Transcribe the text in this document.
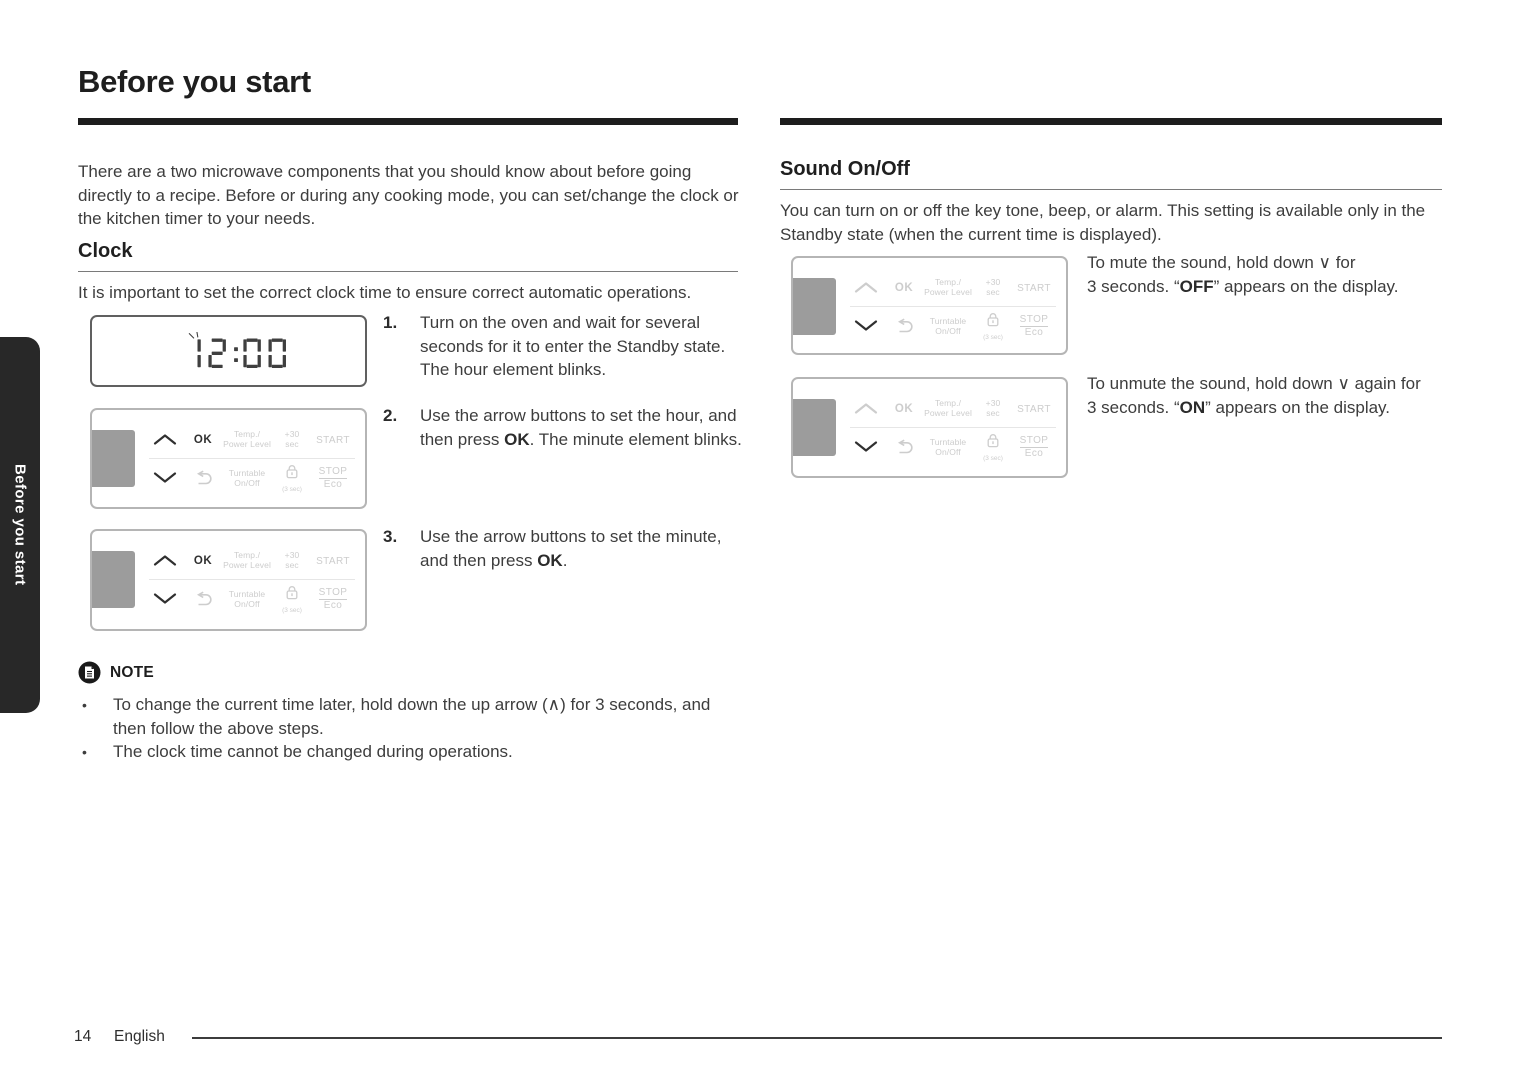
Before you start
Before you start
There are a two microwave components that you should know about before going directly to a recipe. Before or during any cooking mode, you can set/change the clock or the kitchen timer to your needs.
Clock
It is important to set the correct clock time to ensure correct automatic operations.
1.	Turn on the oven and wait for several seconds for it to enter the Standby state. The hour element blinks.
2.	Use the arrow buttons to set the hour, and then press OK. The minute element blinks.
3.	Use the arrow buttons to set the minute, and then press OK.
OK	Temp./
Power Level
+30
sec	START
Turntable
On/Off
(3 sec)
STOP
Eco
OK	Temp./
Power Level
+30
sec	START
Turntable
On/Off
(3 sec)
STOP
Eco
OK	Temp./
Power Level
+30
sec	START
Turntable
On/Off
(3 sec)
STOP
Eco
OK	Temp./
Power Level
+30
sec	START
Turntable
On/Off
(3 sec)
STOP
Eco
NOTE
• To change the current time later, hold down the up arrow (∧) for 3 seconds, and then follow the above steps.
• The clock time cannot be changed during operations.
Sound On/Off
You can turn on or off the key tone, beep, or alarm. This setting is available only in the Standby state (when the current time is displayed).
To mute the sound, hold down ∨ for
3 seconds. “OFF” appears on the display.
To unmute the sound, hold down ∨ again for
3 seconds. “ON” appears on the display.
14 English
